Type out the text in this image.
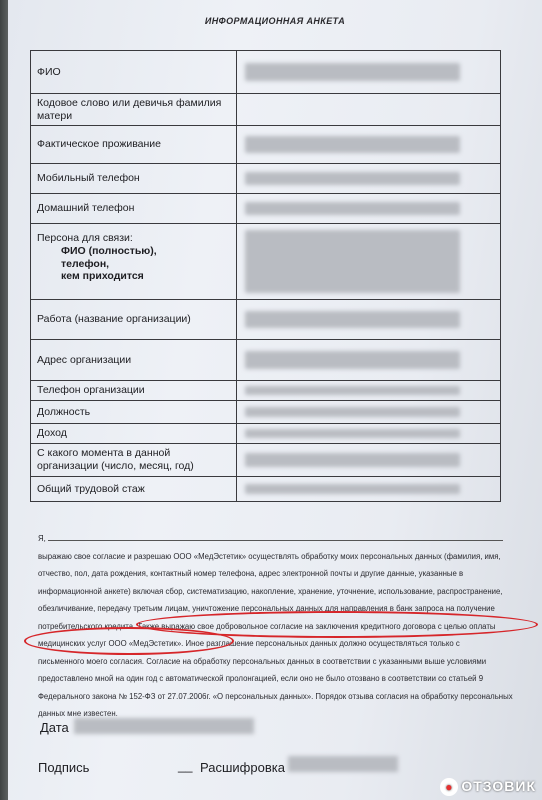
ИНФОРМАЦИОННАЯ АНКЕТА
ФИО	

Кодовое слово или девичья фамилия матери	
Фактическое проживание	

Мобильный телефон	

Домашний телефон	

Персона для связи:
ФИО (полностью),
телефон,
кем приходится	

Работа (название организации)	

Адрес организации	

Телефон организации	

Должность	

Доход	

С какого момента в данной организации (число, месяц, год)	

Общий трудовой стаж	

Я,

выражаю свое согласие и разрешаю ООО «МедЭстетик» осуществлять обработку моих персональных данных (фамилия, имя,

отчество, пол, дата рождения, контактный номер телефона, адрес электронной почты и другие данные, указанные в

информационной анкете) включая сбор, систематизацию, накопление, хранение, уточнение, использование, распространение,

обезличивание, передачу третьим лицам, уничтожение персональных данных для направления в банк запроса на получение

потребительского кредита. Также выражаю свое добровольное согласие на заключения кредитного договора с целью оплаты

медицинских услуг ООО «МедЭстетик». Иное разглашение персональных данных должно осуществляться только с

письменного моего согласия. Согласие на обработку персональных данных в соответствии с указанными выше условиями

предоставлено мной на один год с автоматической пролонгацией, если оно не было отозвано в соответствии со статьей 9

Федерального закона № 152-ФЗ от 27.07.2006г. «О персональных данных». Порядок отзыва согласия на обработку персональных

данных мне известен.

Дата
Подпись	__ Расшифровка
● ОТЗОВИК
